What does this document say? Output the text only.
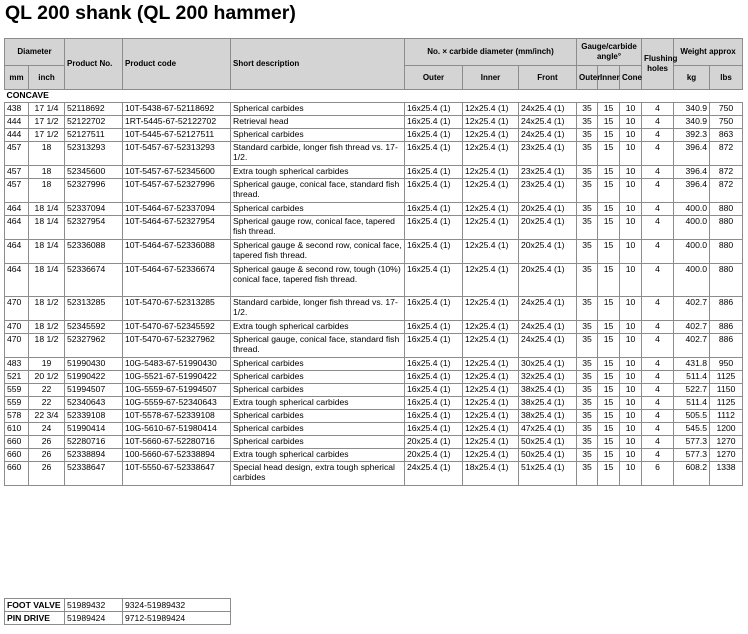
QL 200 shank (QL 200 hammer)
Diameter		Product No.	Product code	Short description	No. × carbide diameter (mm/inch)			Gauge/carbide angle°			Flushing holes	Weight approx	
mm	inch				Outer	Inner	Front	Outer	Inner	Cone		kg	lbs
CONCAVE													
438	17 1/4	52118692	10T-5438-67-52118692	Spherical carbides	16x25.4 (1)	12x25.4 (1)	24x25.4 (1)	35	15	10	4	340.9	750
444	17 1/2	52122702	1RT-5445-67-52122702	Retrieval head	16x25.4 (1)	12x25.4 (1)	24x25.4 (1)	35	15	10	4	340.9	750
444	17 1/2	52127511	10T-5445-67-52127511	Spherical carbides	16x25.4 (1)	12x25.4 (1)	24x25.4 (1)	35	15	10	4	392.3	863
457	18	52313293	10T-5457-67-52313293	Standard carbide, longer fish thread vs. 17-1/2.	16x25.4 (1)	12x25.4 (1)	23x25.4 (1)	35	15	10	4	396.4	872
457	18	52345600	10T-5457-67-52345600	Extra tough spherical carbides	16x25.4 (1)	12x25.4 (1)	23x25.4 (1)	35	15	10	4	396.4	872
457	18	52327996	10T-5457-67-52327996	Spherical gauge, conical face, standard fish thread.	16x25.4 (1)	12x25.4 (1)	23x25.4 (1)	35	15	10	4	396.4	872
464	18 1/4	52337094	10T-5464-67-52337094	Spherical carbides	16x25.4 (1)	12x25.4 (1)	20x25.4 (1)	35	15	10	4	400.0	880
464	18 1/4	52327954	10T-5464-67-52327954	Spherical gauge row, conical face, tapered fish thread.	16x25.4 (1)	12x25.4 (1)	20x25.4 (1)	35	15	10	4	400.0	880
464	18 1/4	52336088	10T-5464-67-52336088	Spherical gauge & second row, conical face, tapered fish thread.	16x25.4 (1)	12x25.4 (1)	20x25.4 (1)	35	15	10	4	400.0	880
464	18 1/4	52336674	10T-5464-67-52336674	Spherical gauge & second row, tough (10%) conical face, tapered fish thread.	16x25.4 (1)	12x25.4 (1)	20x25.4 (1)	35	15	10	4	400.0	880
470	18 1/2	52313285	10T-5470-67-52313285	Standard carbide, longer fish thread vs. 17-1/2.	16x25.4 (1)	12x25.4 (1)	24x25.4 (1)	35	15	10	4	402.7	886
470	18 1/2	52345592	10T-5470-67-52345592	Extra tough spherical carbides	16x25.4 (1)	12x25.4 (1)	24x25.4 (1)	35	15	10	4	402.7	886
470	18 1/2	52327962	10T-5470-67-52327962	Spherical gauge, conical face, standard fish thread.	16x25.4 (1)	12x25.4 (1)	24x25.4 (1)	35	15	10	4	402.7	886
483	19	51990430	10G-5483-67-51990430	Spherical carbides	16x25.4 (1)	12x25.4 (1)	30x25.4 (1)	35	15	10	4	431.8	950
521	20 1/2	51990422	10G-5521-67-51990422	Spherical carbides	16x25.4 (1)	12x25.4 (1)	32x25.4 (1)	35	15	10	4	511.4	1125
559	22	51994507	10G-5559-67-51994507	Spherical carbides	16x25.4 (1)	12x25.4 (1)	38x25.4 (1)	35	15	10	4	522.7	1150
559	22	52340643	10G-5559-67-52340643	Extra tough spherical carbides	16x25.4 (1)	12x25.4 (1)	38x25.4 (1)	35	15	10	4	511.4	1125
578	22 3/4	52339108	10T-5578-67-52339108	Spherical carbides	16x25.4 (1)	12x25.4 (1)	38x25.4 (1)	35	15	10	4	505.5	1112
610	24	51990414	10G-5610-67-51980414	Spherical carbides	16x25.4 (1)	12x25.4 (1)	47x25.4 (1)	35	15	10	4	545.5	1200
660	26	52280716	10T-5660-67-52280716	Spherical carbides	20x25.4 (1)	12x25.4 (1)	50x25.4 (1)	35	15	10	4	577.3	1270
660	26	52338894	100-5660-67-52338894	Extra tough spherical carbides	20x25.4 (1)	12x25.4 (1)	50x25.4 (1)	35	15	10	4	577.3	1270
660	26	52338647	10T-5550-67-52338647	Special head design, extra tough spherical carbides	24x25.4 (1)	18x25.4 (1)	51x25.4 (1)	35	15	10	6	608.2	1338
FOOT VALVE	51989432	9324-51989432
PIN DRIVE	51989424	9712-51989424
